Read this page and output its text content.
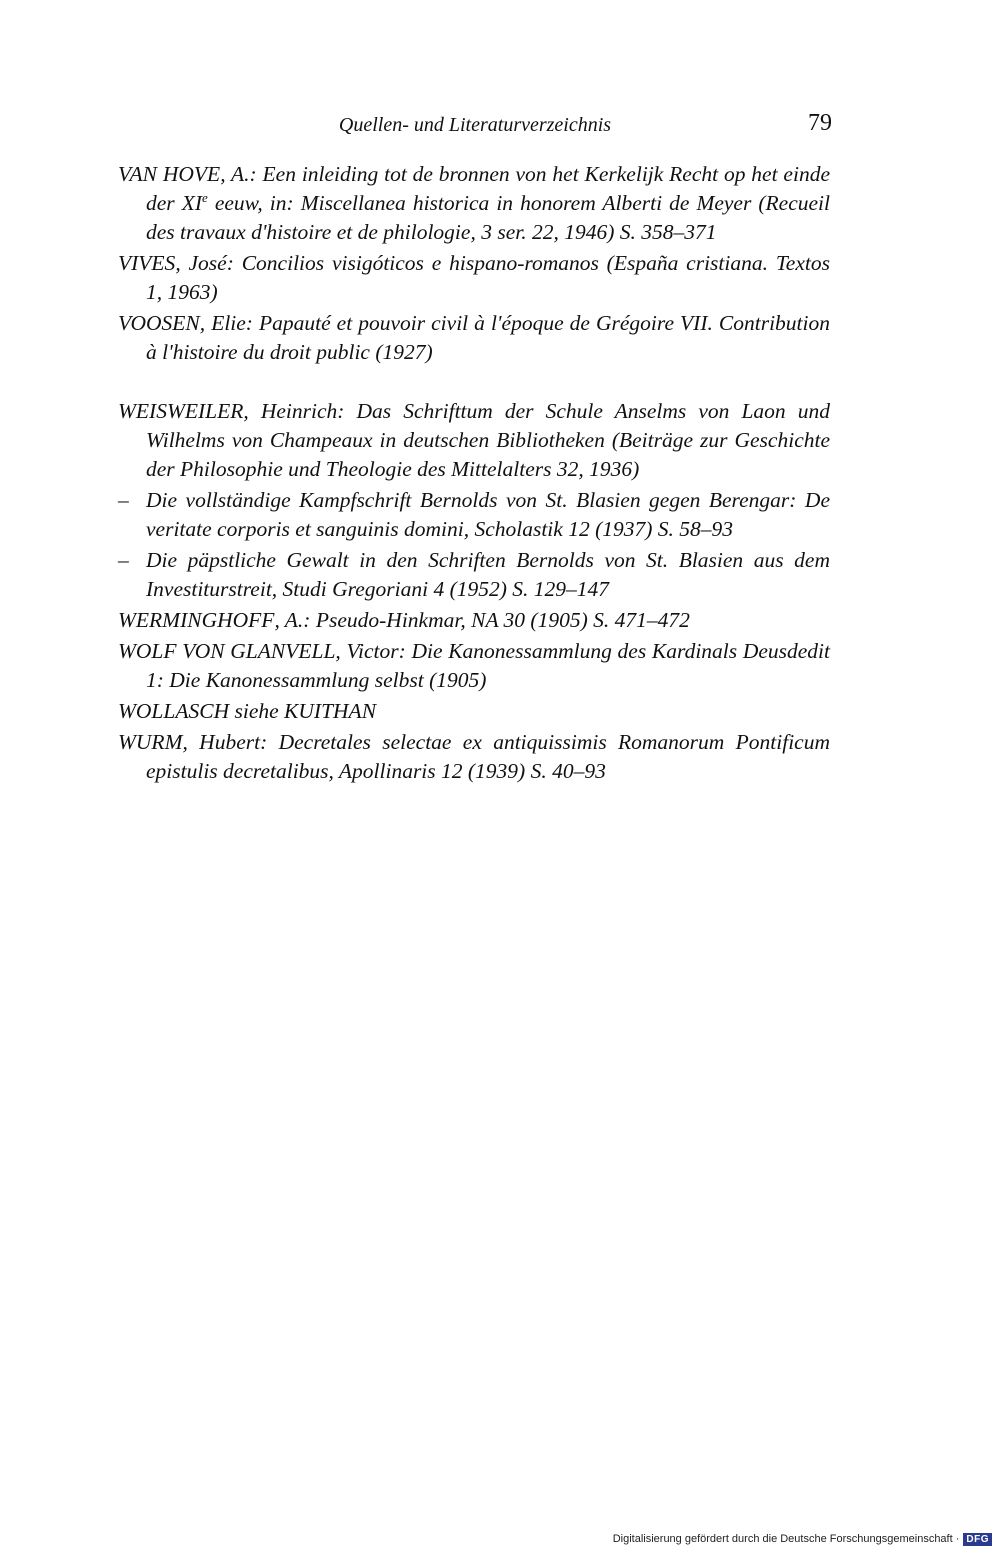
Quellen- und Literaturverzeichnis	79

VAN HOVE, A.: Een inleiding tot de bronnen von het Kerkelijk Recht op het einde der XIe eeuw, in: Miscellanea historica in honorem Alberti de Meyer (Recueil des travaux d'histoire et de philologie, 3 ser. 22, 1946) S. 358–371

VIVES, José: Concilios visigóticos e hispano-romanos (España cristiana. Textos 1, 1963)

VOOSEN, Elie: Papauté et pouvoir civil à l'époque de Grégoire VII. Contribution à l'histoire du droit public (1927)

WEISWEILER, Heinrich: Das Schrifttum der Schule Anselms von Laon und Wilhelms von Champeaux in deutschen Bibliotheken (Beiträge zur Geschichte der Philosophie und Theologie des Mittelalters 32, 1936)

– Die vollständige Kampfschrift Bernolds von St. Blasien gegen Berengar: De veritate corporis et sanguinis domini, Scholastik 12 (1937) S. 58–93

– Die päpstliche Gewalt in den Schriften Bernolds von St. Blasien aus dem Investiturstreit, Studi Gregoriani 4 (1952) S. 129–147

WERMINGHOFF, A.: Pseudo-Hinkmar, NA 30 (1905) S. 471–472

WOLF VON GLANVELL, Victor: Die Kanonessammlung des Kardinals Deusdedit 1: Die Kanonessammlung selbst (1905)

WOLLASCH siehe KUITHAN

WURM, Hubert: Decretales selectae ex antiquissimis Romanorum Pontificum epistulis decretalibus, Apollinaris 12 (1939) S. 40–93

Digitalisierung gefördert durch die Deutsche Forschungsgemeinschaft · DFG
